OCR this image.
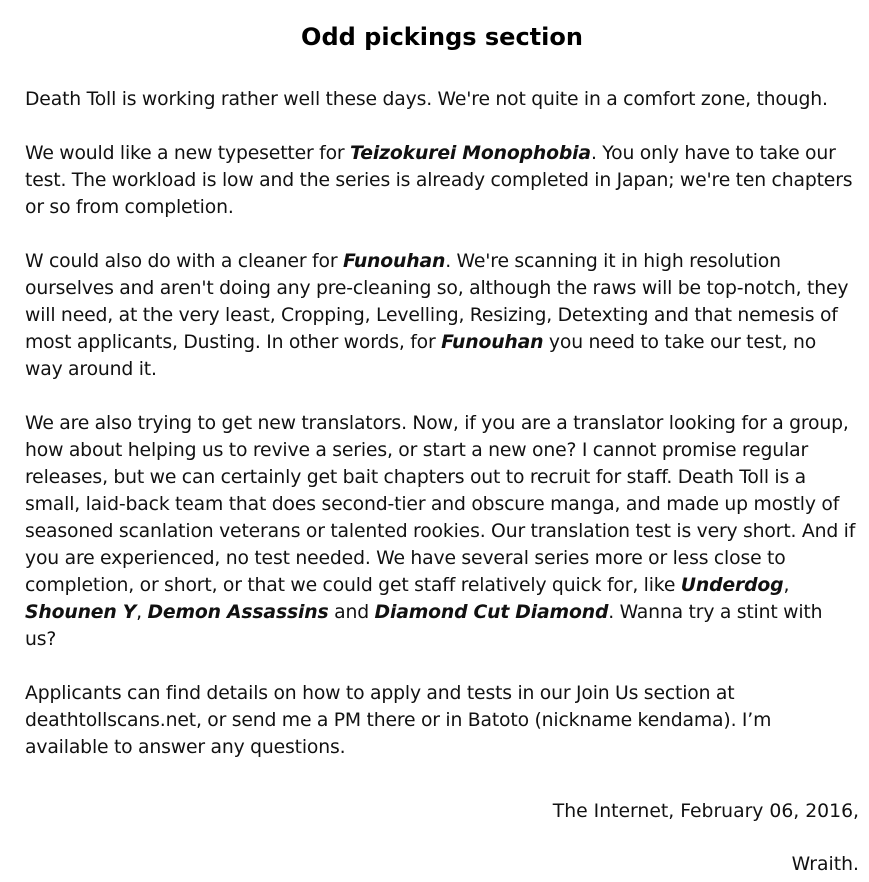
Odd pickings section

Death Toll is working rather well these days. We're not quite in a comfort zone, though.

We would like a new typesetter for Teizokurei Monophobia. You only have to take our test. The workload is low and the series is already completed in Japan; we're ten chapters or so from completion.

W could also do with a cleaner for Funouhan. We're scanning it in high resolution ourselves and aren't doing any pre-cleaning so, although the raws will be top-notch, they will need, at the very least, Cropping, Levelling, Resizing, Detexting and that nemesis of most applicants, Dusting. In other words, for Funouhan you need to take our test, no way around it.

We are also trying to get new translators. Now, if you are a translator looking for a group, how about helping us to revive a series, or start a new one? I cannot promise regular releases, but we can certainly get bait chapters out to recruit for staff. Death Toll is a small, laid-back team that does second-tier and obscure manga, and made up mostly of seasoned scanlation veterans or talented rookies. Our translation test is very short. And if you are experienced, no test needed. We have several series more or less close to completion, or short, or that we could get staff relatively quick for, like Underdog, Shounen Y, Demon Assassins and Diamond Cut Diamond. Wanna try a stint with us?

Applicants can find details on how to apply and tests in our Join Us section at deathtollscans.net, or send me a PM there or in Batoto (nickname kendama). I’m available to answer any questions.

The Internet, February 06, 2016,

Wraith.
